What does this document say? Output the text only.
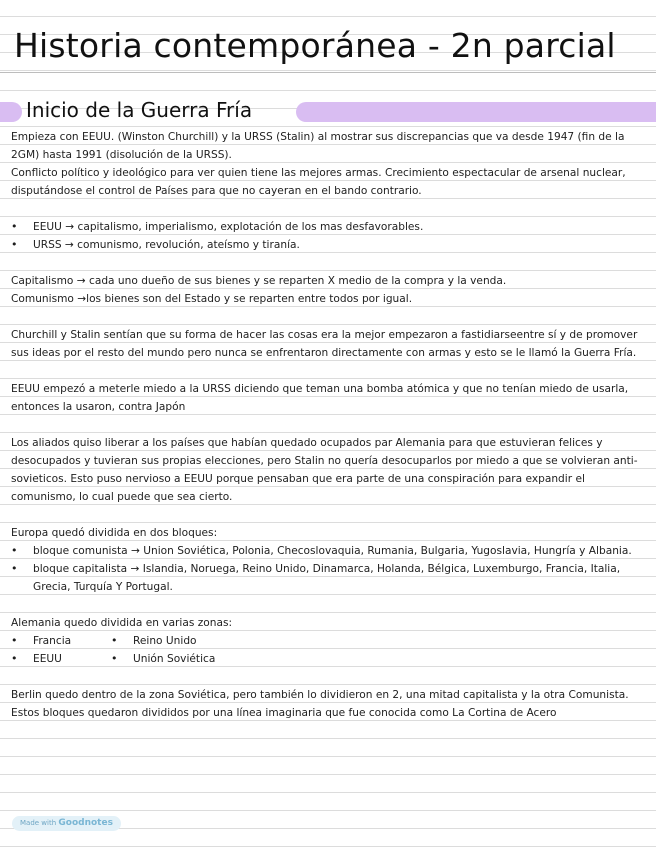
Historia contemporánea - 2n parcial
Inicio de la Guerra Fría

Empieza con EEUU. (Winston Churchill) y la URSS (Stalin) al mostrar sus discrepancias que va desde 1947 (fin de la 2GM) hasta 1991 (disolución de la URSS).

Conflicto político y ideológico para ver quien tiene las mejores armas. Crecimiento espectacular de arsenal nuclear, disputándose el control de Países para que no cayeran en el bando contrario.

• EEUU → capitalismo, imperialismo, explotación de los mas desfavorables.

• URSS → comunismo, revolución, ateísmo y tiranía.

Capitalismo → cada uno dueño de sus bienes y se reparten X medio de la compra y la venda.

Comunismo →los bienes son del Estado y se reparten entre todos por igual.

Churchill y Stalin sentían que su forma de hacer las cosas era la mejor empezaron a fastidiarseentre sí y de promover sus ideas por el resto del mundo pero nunca se enfrentaron directamente con armas y esto se le llamó la Guerra Fría.

EEUU empezó a meterle miedo a la URSS diciendo que teman una bomba atómica y que no tenían miedo de usarla, entonces la usaron, contra Japón

Los aliados quiso liberar a los países que habían quedado ocupados par Alemania para que estuvieran felices y desocupados y tuvieran sus propias elecciones, pero Stalin no quería desocuparlos por miedo a que se volvieran anti-sovieticos. Esto puso nervioso a EEUU porque pensaban que era parte de una conspiración para expandir el comunismo, lo cual puede que sea cierto.

Europa quedó dividida en dos bloques:

• bloque comunista → Union Soviética, Polonia, Checoslovaquia, Rumania, Bulgaria, Yugoslavia, Hungría y Albania.

• bloque capitalista → Islandia, Noruega, Reino Unido, Dinamarca, Holanda, Bélgica, Luxemburgo, Francia, Italia, Grecia, Turquía Y Portugal.

Alemania quedo dividida en varias zonas:

• Francia	• Reino Unido

• EEUU	• Unión Soviética

Berlin quedo dentro de la zona Soviética, pero también lo dividieron en 2, una mitad capitalista y la otra Comunista. Estos bloques quedaron divididos por una línea imaginaria que fue conocida como La Cortina de Acero

Made with Goodnotes
